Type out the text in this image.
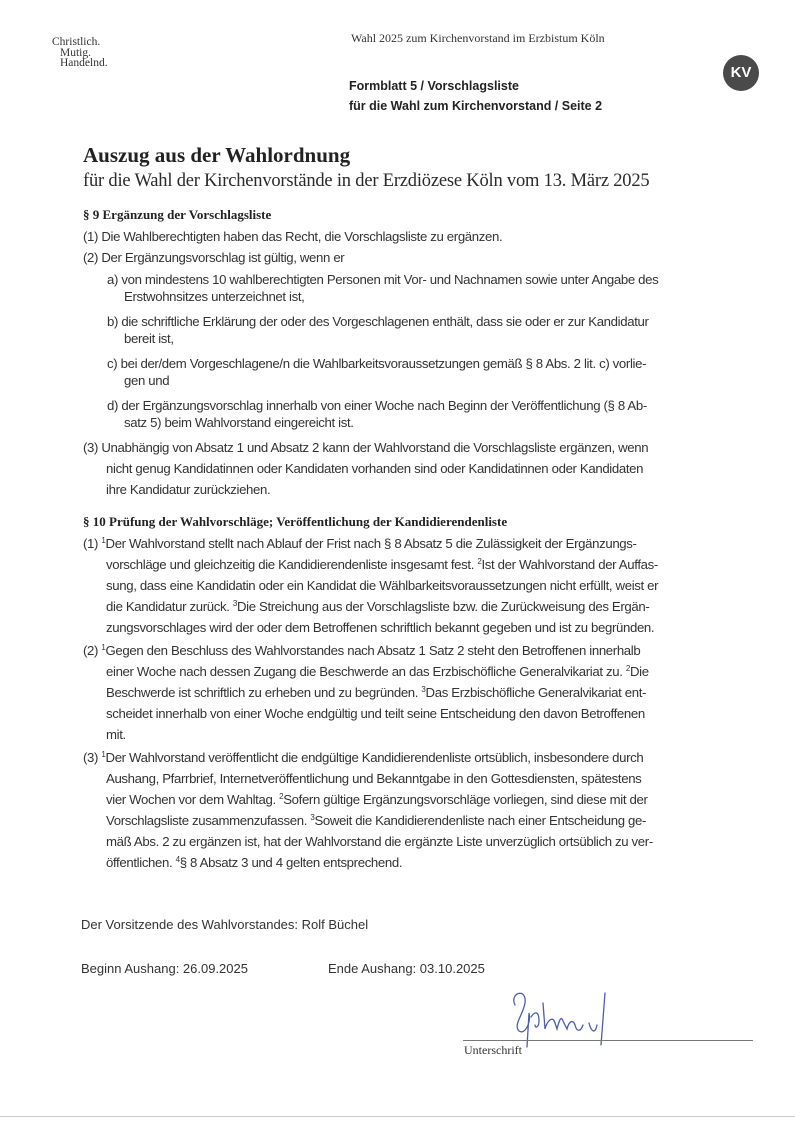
Christlich.
Mutig.
Handelnd.
Wahl 2025 zum Kirchenvorstand im Erzbistum Köln
Formblatt 5 / Vorschlagsliste
für die Wahl zum Kirchenvorstand / Seite 2
KV
Auszug aus der Wahlordnung
für die Wahl der Kirchenvorstände in der Erzdiözese Köln vom 13. März 2025
§ 9 Ergänzung der Vorschlagsliste
(1) Die Wahlberechtigten haben das Recht, die Vorschlagsliste zu ergänzen.
(2) Der Ergänzungsvorschlag ist gültig, wenn er
a) von mindestens 10 wahlberechtigten Personen mit Vor- und Nachnamen sowie unter Angabe des
Erstwohnsitzes unterzeichnet ist,
b) die schriftliche Erklärung der oder des Vorgeschlagenen enthält, dass sie oder er zur Kandidatur
bereit ist,
c) bei der/dem Vorgeschlagene/n die Wahlbarkeitsvoraussetzungen gemäß § 8 Abs. 2 lit. c) vorlie-
gen und
d) der Ergänzungsvorschlag innerhalb von einer Woche nach Beginn der Veröffentlichung (§ 8 Ab-
satz 5) beim Wahlvorstand eingereicht ist.
(3) Unabhängig von Absatz 1 und Absatz 2 kann der Wahlvorstand die Vorschlagsliste ergänzen, wenn
nicht genug Kandidatinnen oder Kandidaten vorhanden sind oder Kandidatinnen oder Kandidaten
ihre Kandidatur zurückziehen.
§ 10 Prüfung der Wahlvorschläge; Veröffentlichung der Kandidierendenliste
(1) $^1$Der Wahlvorstand stellt nach Ablauf der Frist nach § 8 Absatz 5 die Zulässigkeit der Ergänzungs-
vorschläge und gleichzeitig die Kandidierendenliste insgesamt fest. $^2$Ist der Wahlvorstand der Auffas-
sung, dass eine Kandidatin oder ein Kandidat die Wählbarkeitsvoraussetzungen nicht erfüllt, weist er
die Kandidatur zurück. $^3$Die Streichung aus der Vorschlagsliste bzw. die Zurückweisung des Ergän-
zungsvorschlages wird der oder dem Betroffenen schriftlich bekannt gegeben und ist zu begründen.
(2) $^1$Gegen den Beschluss des Wahlvorstandes nach Absatz 1 Satz 2 steht den Betroffenen innerhalb
einer Woche nach dessen Zugang die Beschwerde an das Erzbischöfliche Generalvikariat zu. $^2$Die
Beschwerde ist schriftlich zu erheben und zu begründen. $^3$Das Erzbischöfliche Generalvikariat ent-
scheidet innerhalb von einer Woche endgültig und teilt seine Entscheidung den davon Betroffenen
mit.
(3) $^1$Der Wahlvorstand veröffentlicht die endgültige Kandidierendenliste ortsüblich, insbesondere durch
Aushang, Pfarrbrief, Internetveröffentlichung und Bekanntgabe in den Gottesdiensten, spätestens
vier Wochen vor dem Wahltag. $^2$Sofern gültige Ergänzungsvorschläge vorliegen, sind diese mit der
Vorschlagsliste zusammenzufassen. $^3$Soweit die Kandidierendenliste nach einer Entscheidung ge-
mäß Abs. 2 zu ergänzen ist, hat der Wahlvorstand die ergänzte Liste unverzüglich ortsüblich zu ver-
öffentlichen. $^4$§ 8 Absatz 3 und 4 gelten entsprechend.
Der Vorsitzende des Wahlvorstandes: Rolf Büchel
Beginn Aushang: 26.09.2025	Ende Aushang: 03.10.2025
Unterschrift
